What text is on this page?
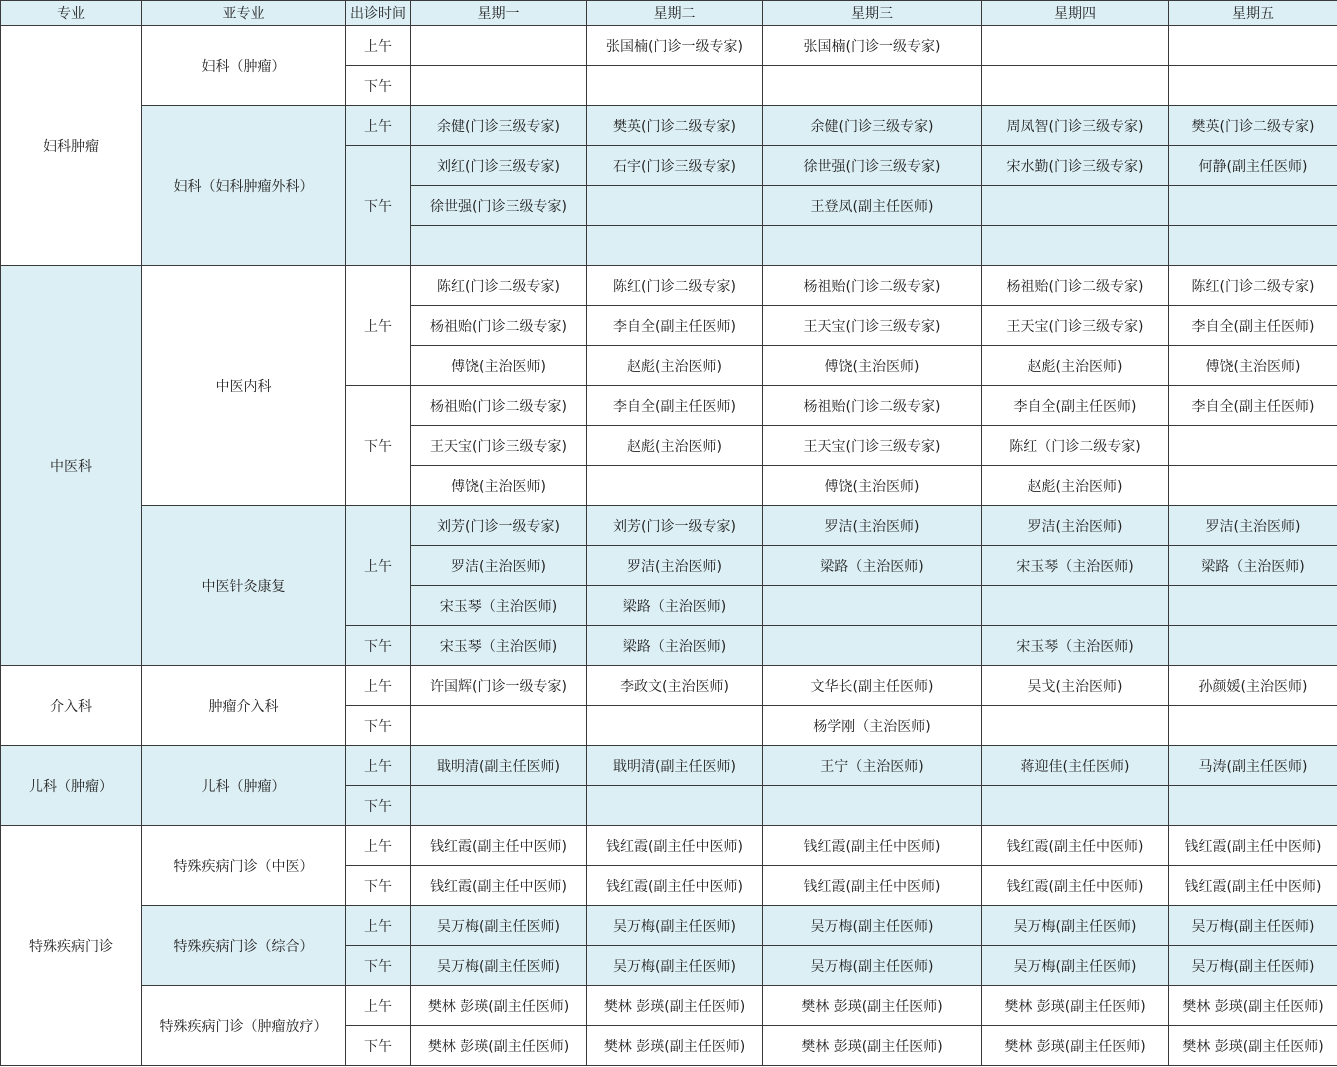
专业	亚专业	出诊时间	星期一	星期二	星期三	星期四	星期五
妇科肿瘤	妇科（肿瘤）	上午		张国楠(门诊一级专家)	张国楠(门诊一级专家)		
		下午					
	妇科（妇科肿瘤外科）	上午	余健(门诊三级专家)	樊英(门诊二级专家)	余健(门诊三级专家)	周凤智(门诊三级专家)	樊英(门诊二级专家)
		下午	刘红(门诊三级专家)	石宇(门诊三级专家)	徐世强(门诊三级专家)	宋水勤(门诊三级专家)	何静(副主任医师)
			徐世强(门诊三级专家)		王登凤(副主任医师)		

中医科	中医内科	上午	陈红(门诊二级专家)	陈红(门诊二级专家)	杨祖贻(门诊二级专家)	杨祖贻(门诊二级专家)	陈红(门诊二级专家)
			杨祖贻(门诊二级专家)	李自全(副主任医师)	王天宝(门诊三级专家)	王天宝(门诊三级专家)	李自全(副主任医师)
			傅饶(主治医师)	赵彪(主治医师)	傅饶(主治医师)	赵彪(主治医师)	傅饶(主治医师)
		下午	杨祖贻(门诊二级专家)	李自全(副主任医师)	杨祖贻(门诊二级专家)	李自全(副主任医师)	李自全(副主任医师)
			王天宝(门诊三级专家)	赵彪(主治医师)	王天宝(门诊三级专家)	陈红（门诊二级专家)	
			傅饶(主治医师)		傅饶(主治医师)	赵彪(主治医师)	
	中医针灸康复	上午	刘芳(门诊一级专家)	刘芳(门诊一级专家)	罗洁(主治医师)	罗洁(主治医师)	罗洁(主治医师)
			罗洁(主治医师)	罗洁(主治医师)	梁路（主治医师)	宋玉琴（主治医师)	梁路（主治医师)
			宋玉琴（主治医师)	梁路（主治医师)			
		下午	宋玉琴（主治医师)	梁路（主治医师)		宋玉琴（主治医师)	
介入科	肿瘤介入科	上午	许国辉(门诊一级专家)	李政文(主治医师)	文华长(副主任医师)	吴戈(主治医师)	孙颜媛(主治医师)
		下午			杨学刚（主治医师)		
儿科（肿瘤）	儿科（肿瘤）	上午	戢明清(副主任医师)	戢明清(副主任医师)	王宁（主治医师)	蒋迎佳(主任医师)	马涛(副主任医师)
		下午					
特殊疾病门诊	特殊疾病门诊（中医）	上午	钱红霞(副主任中医师)	钱红霞(副主任中医师)	钱红霞(副主任中医师)	钱红霞(副主任中医师)	钱红霞(副主任中医师)
		下午	钱红霞(副主任中医师)	钱红霞(副主任中医师)	钱红霞(副主任中医师)	钱红霞(副主任中医师)	钱红霞(副主任中医师)
	特殊疾病门诊（综合）	上午	吴万梅(副主任医师)	吴万梅(副主任医师)	吴万梅(副主任医师)	吴万梅(副主任医师)	吴万梅(副主任医师)
		下午	吴万梅(副主任医师)	吴万梅(副主任医师)	吴万梅(副主任医师)	吴万梅(副主任医师)	吴万梅(副主任医师)
	特殊疾病门诊（肿瘤放疗）	上午	樊林 彭瑛(副主任医师)	樊林 彭瑛(副主任医师)	樊林 彭瑛(副主任医师)	樊林 彭瑛(副主任医师)	樊林 彭瑛(副主任医师)
		下午	樊林 彭瑛(副主任医师)	樊林 彭瑛(副主任医师)	樊林 彭瑛(副主任医师)	樊林 彭瑛(副主任医师)	樊林 彭瑛(副主任医师)
